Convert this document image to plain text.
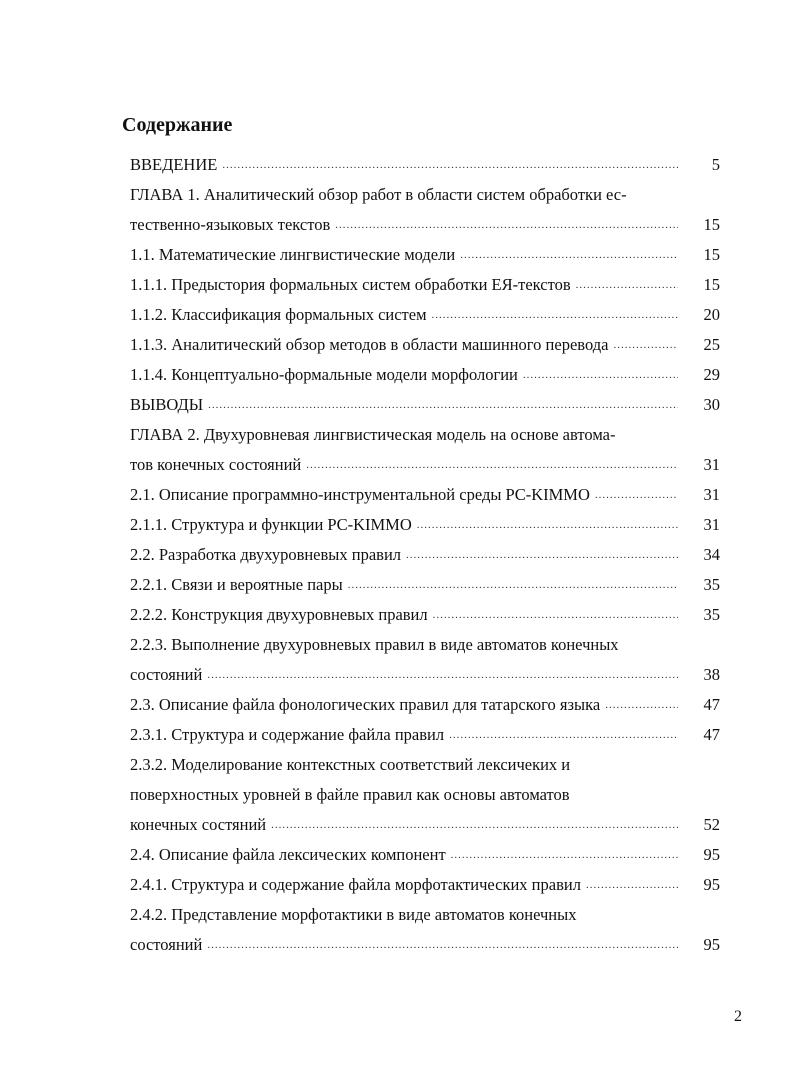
Содержание
ВВЕДЕНИЕ .....	5
ГЛАВА 1. Аналитический обзор работ в области систем обработки ес-
тественно-языковых текстов .....	15
1.1. Математические лингвистические модели .....	15
1.1.1. Предыстория формальных систем обработки ЕЯ-текстов .....	15
1.1.2. Классификация формальных систем .....	20
1.1.3. Аналитический обзор методов в области машинного перевода .....	25
1.1.4. Концептуально-формальные модели морфологии .....	29
ВЫВОДЫ .....	30
ГЛАВА 2. Двухуровневая лингвистическая модель на основе автома-
тов конечных состояний .....	31
2.1. Описание программно-инструментальной среды PC-KIMMO .....	31
2.1.1. Структура и функции PC-KIMMO .....	31
2.2. Разработка двухуровневых правил .....	34
2.2.1. Связи и вероятные пары .....	35
2.2.2. Конструкция двухуровневых правил .....	35
2.2.3. Выполнение двухуровневых правил в виде автоматов конечных
состояний .....	38
2.3. Описание файла фонологических правил для татарского языка .....	47
2.3.1. Структура и содержание файла правил .....	47
2.3.2. Моделирование контекстных соответствий лексичеких и
поверхностных уровней в файле правил как основы автоматов
конечных состяний .....	52
2.4. Описание файла лексических компонент .....	95
2.4.1. Структура и содержание файла морфотактических правил .....	95
2.4.2. Представление морфотактики в виде автоматов конечных
состояний .....	95
2
